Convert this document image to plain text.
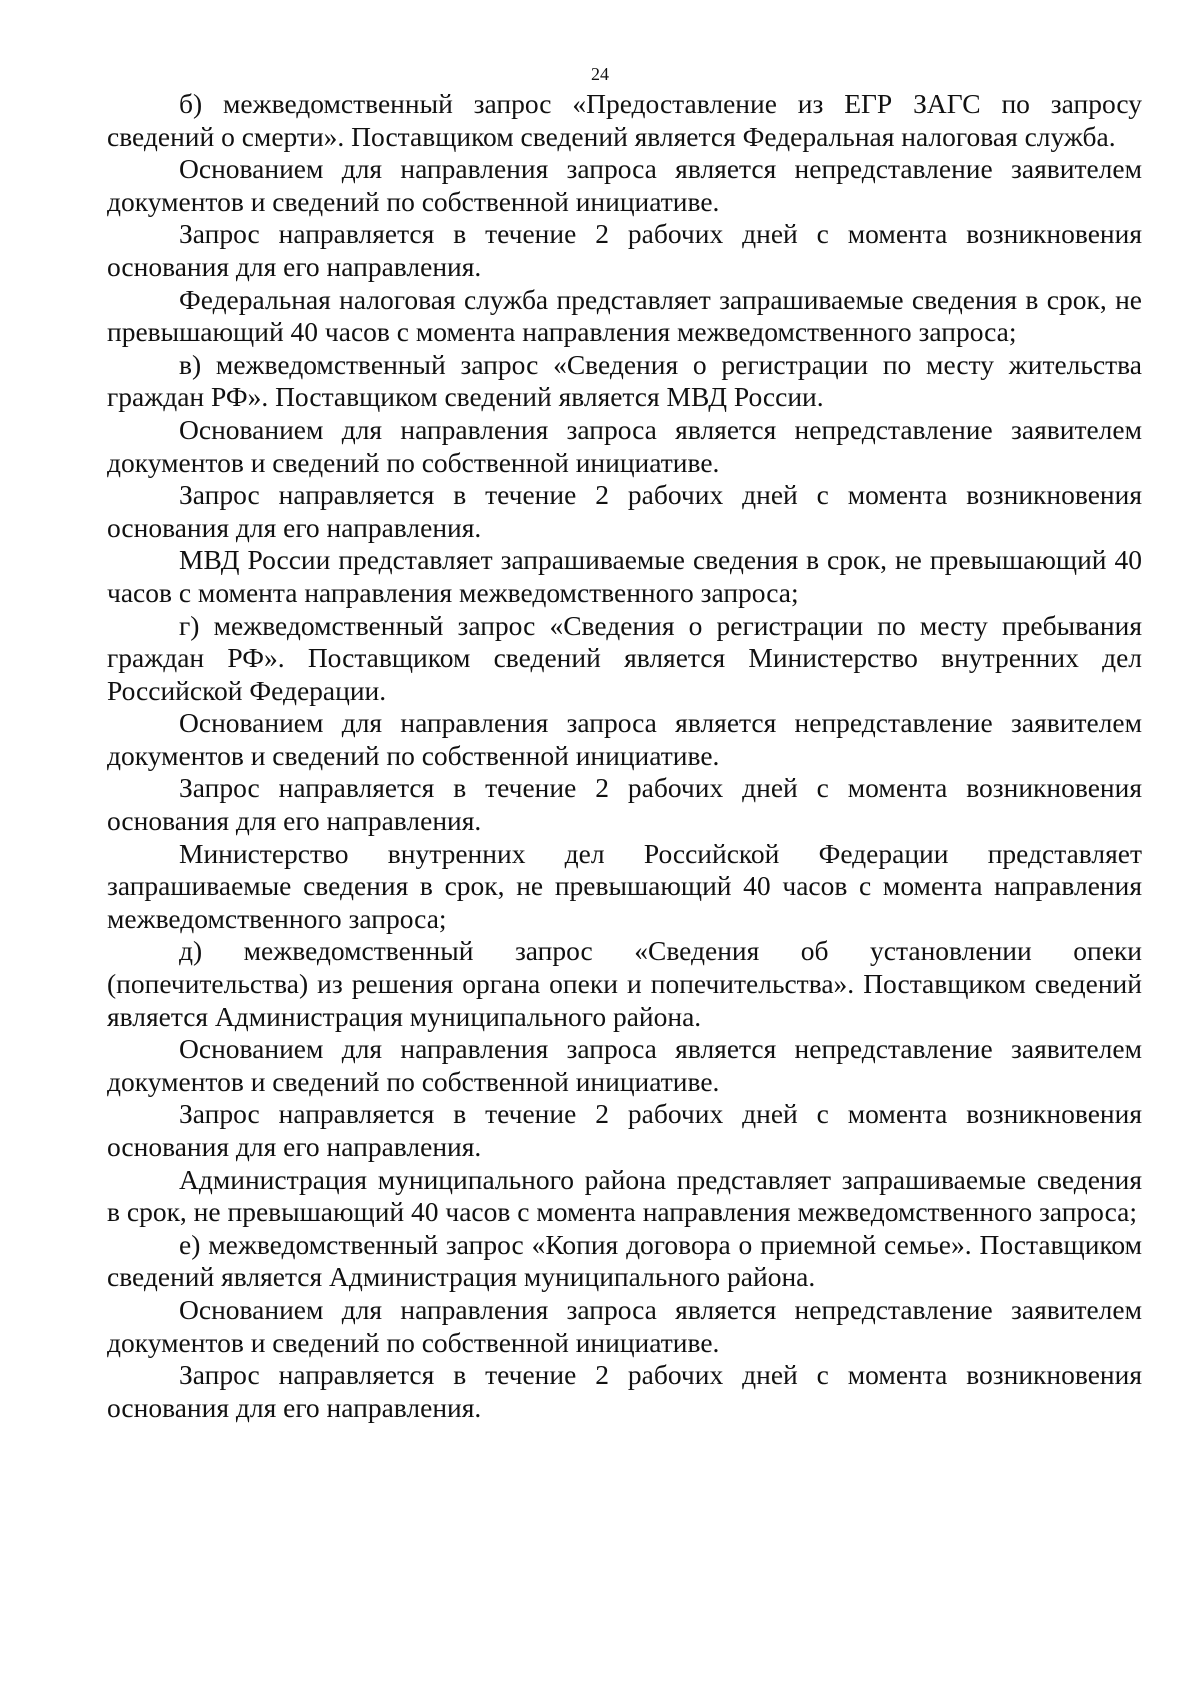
24

б) межведомственный запрос «Предоставление из ЕГР ЗАГС по запросу сведений о смерти». Поставщиком сведений является Федеральная налоговая служба.

Основанием для направления запроса является непредставление заявителем документов и сведений по собственной инициативе.

Запрос направляется в течение 2 рабочих дней с момента возникновения основания для его направления.

Федеральная налоговая служба представляет запрашиваемые сведения в срок, не превышающий 40 часов с момента направления межведомственного запроса;

в) межведомственный запрос «Сведения о регистрации по месту жительства граждан РФ». Поставщиком сведений является МВД России.

Основанием для направления запроса является непредставление заявителем документов и сведений по собственной инициативе.

Запрос направляется в течение 2 рабочих дней с момента возникновения основания для его направления.

МВД России представляет запрашиваемые сведения в срок, не превышающий 40 часов с момента направления межведомственного запроса;

г) межведомственный запрос «Сведения о регистрации по месту пребывания граждан РФ». Поставщиком сведений является Министерство внутренних дел Российской Федерации.

Основанием для направления запроса является непредставление заявителем документов и сведений по собственной инициативе.

Запрос направляется в течение 2 рабочих дней с момента возникновения основания для его направления.

Министерство внутренних дел Российской Федерации представляет запрашиваемые сведения в срок, не превышающий 40 часов с момента направления межведомственного запроса;

д) межведомственный запрос «Сведения об установлении опеки (попечительства) из решения органа опеки и попечительства». Поставщиком сведений является Администрация муниципального района.

Основанием для направления запроса является непредставление заявителем документов и сведений по собственной инициативе.

Запрос направляется в течение 2 рабочих дней с момента возникновения основания для его направления.

Администрация муниципального района представляет запрашиваемые сведения в срок, не превышающий 40 часов с момента направления межведомственного запроса;

е) межведомственный запрос «Копия договора о приемной семье». Поставщиком сведений является Администрация муниципального района.

Основанием для направления запроса является непредставление заявителем документов и сведений по собственной инициативе.

Запрос направляется в течение 2 рабочих дней с момента возникновения основания для его направления.
